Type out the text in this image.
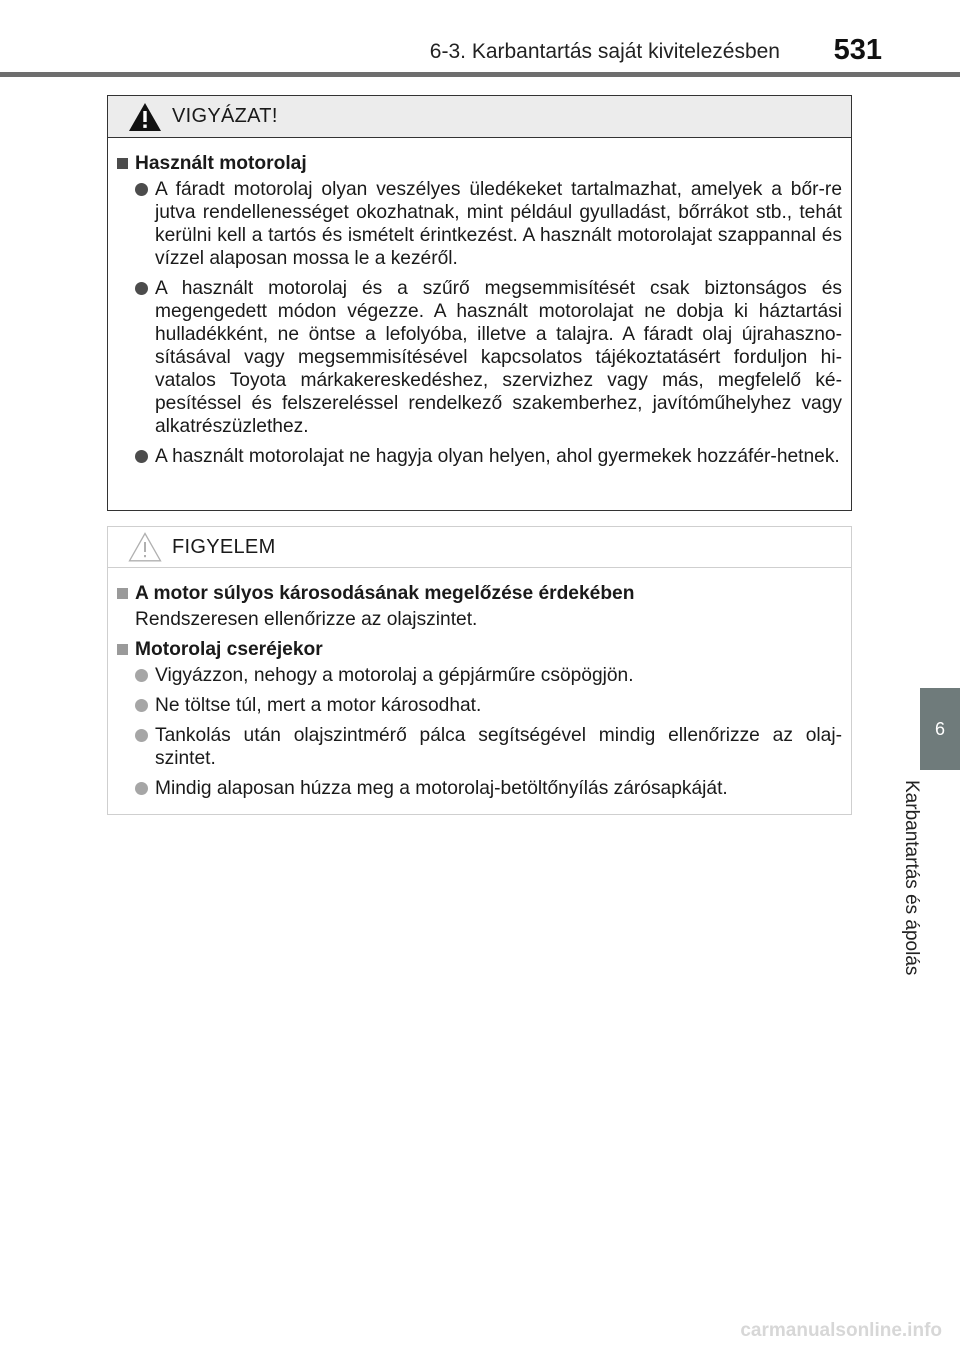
6-3. Karbantartás saját kivitelezésben 531
6
Karbantartás és ápolás
VIGYÁZAT!
Használt motorolaj
A fáradt motorolaj olyan veszélyes üledékeket tartalmazhat, amelyek a bőr-re jutva rendellenességet okozhatnak, mint például gyulladást, bőrrákot stb., tehát kerülni kell a tartós és ismételt érintkezést. A használt motorolajat szappannal és vízzel alaposan mossa le a kezéről.
A használt motorolaj és a szűrő megsemmisítését csak biztonságos és megengedett módon végezze. A használt motorolajat ne dobja ki háztartási hulladékként, ne öntse a lefolyóba, illetve a talajra. A fáradt olaj újrahaszno-sításával vagy megsemmisítésével kapcsolatos tájékoztatásért forduljon hi-vatalos Toyota márkakereskedéshez, szervizhez vagy más, megfelelő ké-pesítéssel és felszereléssel rendelkező szakemberhez, javítóműhelyhez vagy alkatrészüzlethez.
A használt motorolajat ne hagyja olyan helyen, ahol gyermekek hozzáfér-hetnek.
FIGYELEM
A motor súlyos károsodásának megelőzése érdekében
Rendszeresen ellenőrizze az olajszintet.
Motorolaj cseréjekor
Vigyázzon, nehogy a motorolaj a gépjárműre csöpögjön.
Ne töltse túl, mert a motor károsodhat.
Tankolás után olajszintmérő pálca segítségével mindig ellenőrizze az olaj-szintet.
Mindig alaposan húzza meg a motorolaj-betöltőnyílás zárósapkáját.
carmanualsonline.info
